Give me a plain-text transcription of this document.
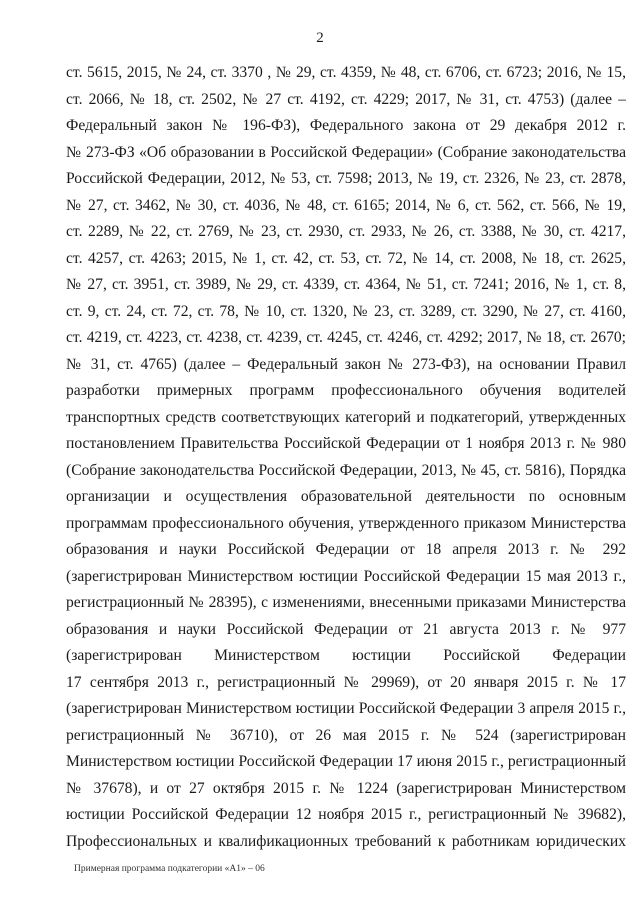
2
ст. 5615, 2015, № 24, ст. 3370 , № 29, ст. 4359, № 48, ст. 6706, ст. 6723; 2016, № 15,
ст. 2066, № 18, ст. 2502, № 27 ст. 4192, ст. 4229; 2017, № 31, ст. 4753) (далее –
Федеральный закон № 196-ФЗ), Федерального закона от 29 декабря 2012 г.
№ 273-ФЗ «Об образовании в Российской Федерации» (Собрание законодательства
Российской Федерации, 2012, № 53, ст. 7598; 2013, № 19, ст. 2326, № 23, ст. 2878,
№ 27, ст. 3462, № 30, ст. 4036, № 48, ст. 6165; 2014, № 6, ст. 562, ст. 566, № 19,
ст. 2289, № 22, ст. 2769, № 23, ст. 2930, ст. 2933, № 26, ст. 3388, № 30, ст. 4217,
ст. 4257, ст. 4263; 2015, № 1, ст. 42, ст. 53, ст. 72, № 14, ст. 2008, № 18, ст. 2625,
№ 27, ст. 3951, ст. 3989, № 29, ст. 4339, ст. 4364, № 51, ст. 7241; 2016, № 1, ст. 8,
ст. 9, ст. 24, ст. 72, ст. 78, № 10, ст. 1320, № 23, ст. 3289, ст. 3290, № 27, ст. 4160,
ст. 4219, ст. 4223, ст. 4238, ст. 4239, ст. 4245, ст. 4246, ст. 4292; 2017, № 18, ст. 2670;
№ 31, ст. 4765) (далее – Федеральный закон № 273-ФЗ), на основании Правил
разработки примерных программ профессионального обучения водителей
транспортных средств соответствующих категорий и подкатегорий, утвержденных
постановлением Правительства Российской Федерации от 1 ноября 2013 г. № 980
(Собрание законодательства Российской Федерации, 2013, № 45, ст. 5816), Порядка
организации и осуществления образовательной деятельности по основным
программам профессионального обучения, утвержденного приказом Министерства
образования и науки Российской Федерации от 18 апреля 2013 г. № 292
(зарегистрирован Министерством юстиции Российской Федерации 15 мая 2013 г.,
регистрационный № 28395), с изменениями, внесенными приказами Министерства
образования и науки Российской Федерации от 21 августа 2013 г. № 977
(зарегистрирован Министерством юстиции Российской Федерации
17 сентября 2013 г., регистрационный № 29969), от 20 января 2015 г. № 17
(зарегистрирован Министерством юстиции Российской Федерации 3 апреля 2015 г.,
регистрационный № 36710), от 26 мая 2015 г. № 524 (зарегистрирован
Министерством юстиции Российской Федерации 17 июня 2015 г., регистрационный
№ 37678), и от 27 октября 2015 г. № 1224 (зарегистрирован Министерством
юстиции Российской Федерации 12 ноября 2015 г., регистрационный № 39682),
Профессиональных и квалификационных требований к работникам юридических
Примерная программа подкатегории «A1» – 06
